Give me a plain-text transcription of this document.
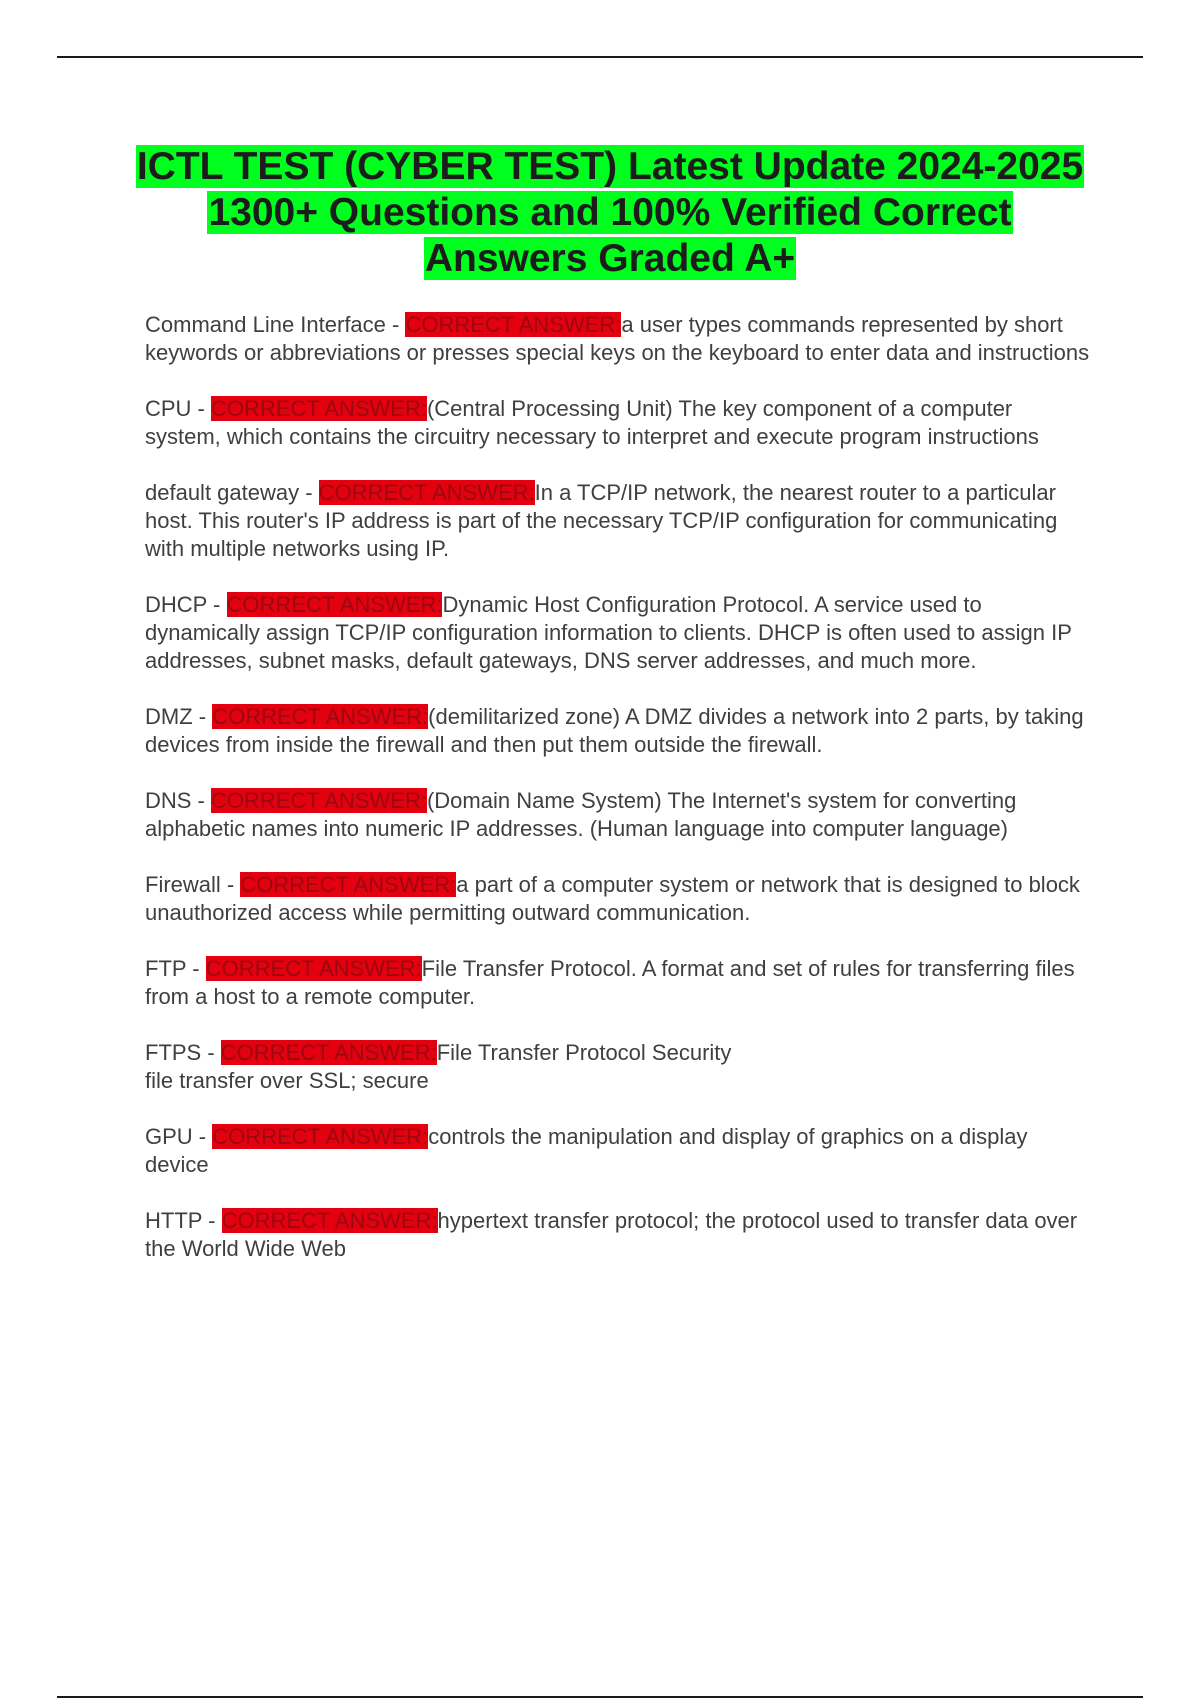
ICTL TEST (CYBER TEST) Latest Update 2024-2025 1300+ Questions and 100% Verified Correct Answers Graded A+

Command Line Interface - CORRECT ANSWER:a user types commands represented by short keywords or abbreviations or presses special keys on the keyboard to enter data and instructions

CPU - CORRECT ANSWER:(Central Processing Unit) The key component of a computer system, which contains the circuitry necessary to interpret and execute program instructions

default gateway - CORRECT ANSWER:In a TCP/IP network, the nearest router to a particular host. This router's IP address is part of the necessary TCP/IP configuration for communicating with multiple networks using IP.

DHCP - CORRECT ANSWER:Dynamic Host Configuration Protocol. A service used to dynamically assign TCP/IP configuration information to clients. DHCP is often used to assign IP addresses, subnet masks, default gateways, DNS server addresses, and much more.

DMZ - CORRECT ANSWER:(demilitarized zone) A DMZ divides a network into 2 parts, by taking devices from inside the firewall and then put them outside the firewall.

DNS - CORRECT ANSWER:(Domain Name System) The Internet's system for converting alphabetic names into numeric IP addresses. (Human language into computer language)

Firewall - CORRECT ANSWER:a part of a computer system or network that is designed to block unauthorized access while permitting outward communication.

FTP - CORRECT ANSWER:File Transfer Protocol. A format and set of rules for transferring files from a host to a remote computer.

FTPS - CORRECT ANSWER:File Transfer Protocol Security
file transfer over SSL; secure

GPU - CORRECT ANSWER:controls the manipulation and display of graphics on a display device

HTTP - CORRECT ANSWER:hypertext transfer protocol; the protocol used to transfer data over the World Wide Web
